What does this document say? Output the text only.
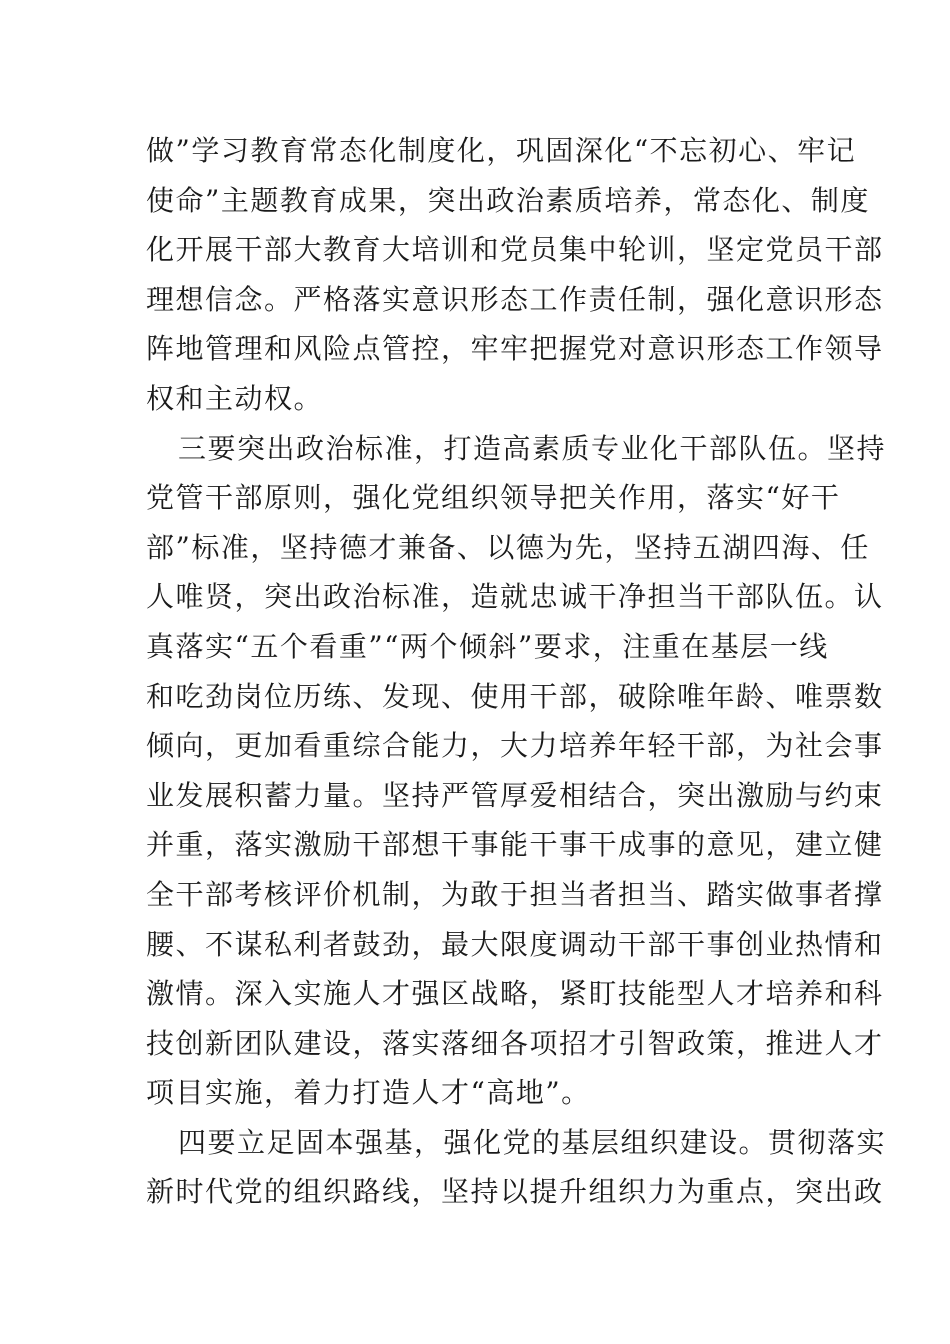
做”学习教育常态化制度化，巩固深化“不忘初心、牢记
使命”主题教育成果，突出政治素质培养，常态化、制度
化开展干部大教育大培训和党员集中轮训，坚定党员干部
理想信念。严格落实意识形态工作责任制，强化意识形态
阵地管理和风险点管控，牢牢把握党对意识形态工作领导
权和主动权。
三要突出政治标准，打造高素质专业化干部队伍。坚持
党管干部原则，强化党组织领导把关作用，落实“好干
部”标准，坚持德才兼备、以德为先，坚持五湖四海、任
人唯贤，突出政治标准，造就忠诚干净担当干部队伍。认
真落实“五个看重”“两个倾斜”要求，注重在基层一线
和吃劲岗位历练、发现、使用干部，破除唯年龄、唯票数
倾向，更加看重综合能力，大力培养年轻干部，为社会事
业发展积蓄力量。坚持严管厚爱相结合，突出激励与约束
并重，落实激励干部想干事能干事干成事的意见，建立健
全干部考核评价机制，为敢于担当者担当、踏实做事者撑
腰、不谋私利者鼓劲，最大限度调动干部干事创业热情和
激情。深入实施人才强区战略，紧盯技能型人才培养和科
技创新团队建设，落实落细各项招才引智政策，推进人才
项目实施，着力打造人才“高地”。
四要立足固本强基，强化党的基层组织建设。贯彻落实
新时代党的组织路线，坚持以提升组织力为重点，突出政
